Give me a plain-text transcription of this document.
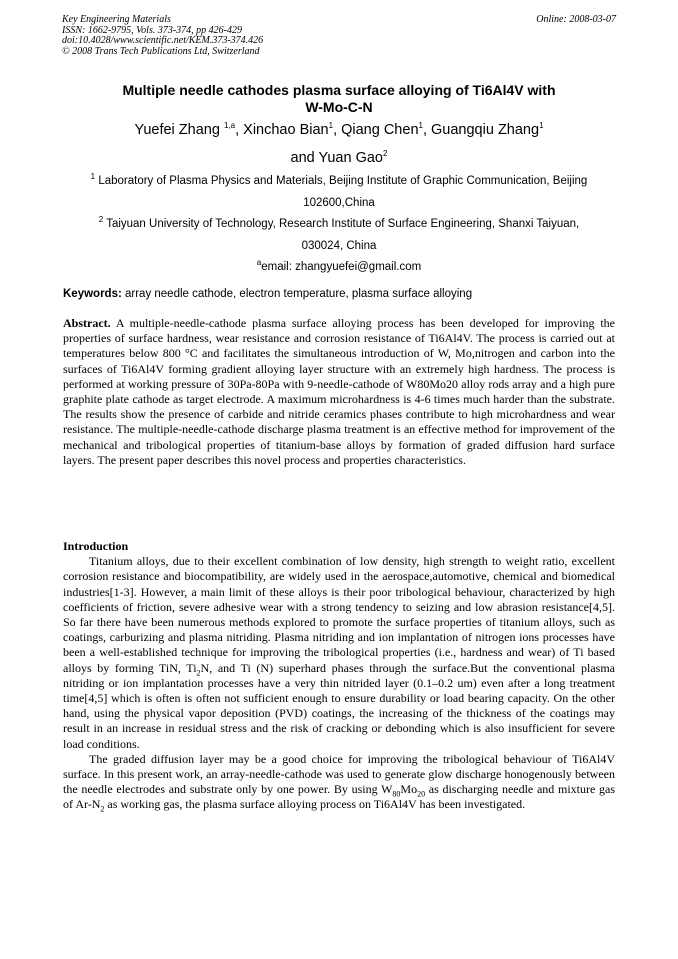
Key Engineering Materials
ISSN: 1662-9795, Vols. 373-374, pp 426-429
doi:10.4028/www.scientific.net/KEM.373-374.426
© 2008 Trans Tech Publications Ltd, Switzerland
Online: 2008-03-07
Multiple needle cathodes plasma surface alloying of Ti6Al4V with
W-Mo-C-N
Yuefei Zhang $^{1,a}$, Xinchao Bian$^1$, Qiang Chen$^1$, Guangqiu Zhang$^1$
and Yuan Gao$^2$
$^1$ Laboratory of Plasma Physics and Materials, Beijing Institute of Graphic Communication, Beijing
102600,China
$^2$ Taiyuan University of Technology, Research Institute of Surface Engineering, Shanxi Taiyuan,
030024, China
$^a$email: zhangyuefei@gmail.com
Keywords: array needle cathode, electron temperature, plasma surface alloying

Abstract. A multiple-needle-cathode plasma surface alloying process has been developed for improving the properties of surface hardness, wear resistance and corrosion resistance of Ti6Al4V. The process is carried out at temperatures below 800 °C and facilitates the simultaneous introduction of W, Mo,nitrogen and carbon into the surfaces of Ti6Al4V forming gradient alloying layer structure with an extremely high hardness. The process is performed at working pressure of 30Pa-80Pa with 9-needle-cathode of W80Mo20 alloy rods array and a high pure graphite plate cathode as target electrode. A maximum microhardness is 4-6 times much harder than the substrate. The results show the presence of carbide and nitride ceramics phases contribute to high microhardness and wear resistance. The multiple-needle-cathode discharge plasma treatment is an effective method for improvement of the mechanical and tribological properties of titanium-base alloys by formation of graded diffusion hard surface layers. The present paper describes this novel process and properties characteristics.

Introduction

Titanium alloys, due to their excellent combination of low density, high strength to weight ratio, excellent corrosion resistance and biocompatibility, are widely used in the aerospace,automotive, chemical and biomedical industries[1-3]. However, a main limit of these alloys is their poor tribological behaviour, characterized by high coefficients of friction, severe adhesive wear with a strong tendency to seizing and low abrasion resistance[4,5]. So far there have been numerous methods explored to promote the surface properties of titanium alloys, such as coatings, carburizing and plasma nitriding. Plasma nitriding and ion implantation of nitrogen ions processes have been a well-established technique for improving the tribological properties (i.e., hardness and wear) of Ti based alloys by forming TiN, $Ti_2N$, and Ti (N) superhard phases through the surface.But the conventional plasma nitriding or ion implantation processes have a very thin nitrided layer (0.1–0.2 um) even after a long treatment time[4,5] which is often is often not sufficient enough to ensure durability or load bearing capacity. On the other hand, using the physical vapor deposition (PVD) coatings, the increasing of the thickness of the coatings may result in an increase in residual stress and the risk of cracking or debonding which is also insufficient for severe load conditions.

The graded diffusion layer may be a good choice for improving the tribological behaviour of Ti6Al4V surface. In this present work, an array-needle-cathode was used to generate glow discharge honogenously between the needle electrodes and substrate only by one power. By using $W_{80}Mo_{20}$ as discharging needle and mixture gas of $Ar-N_2$ as working gas, the plasma surface alloying process on Ti6Al4V has been investigated.
